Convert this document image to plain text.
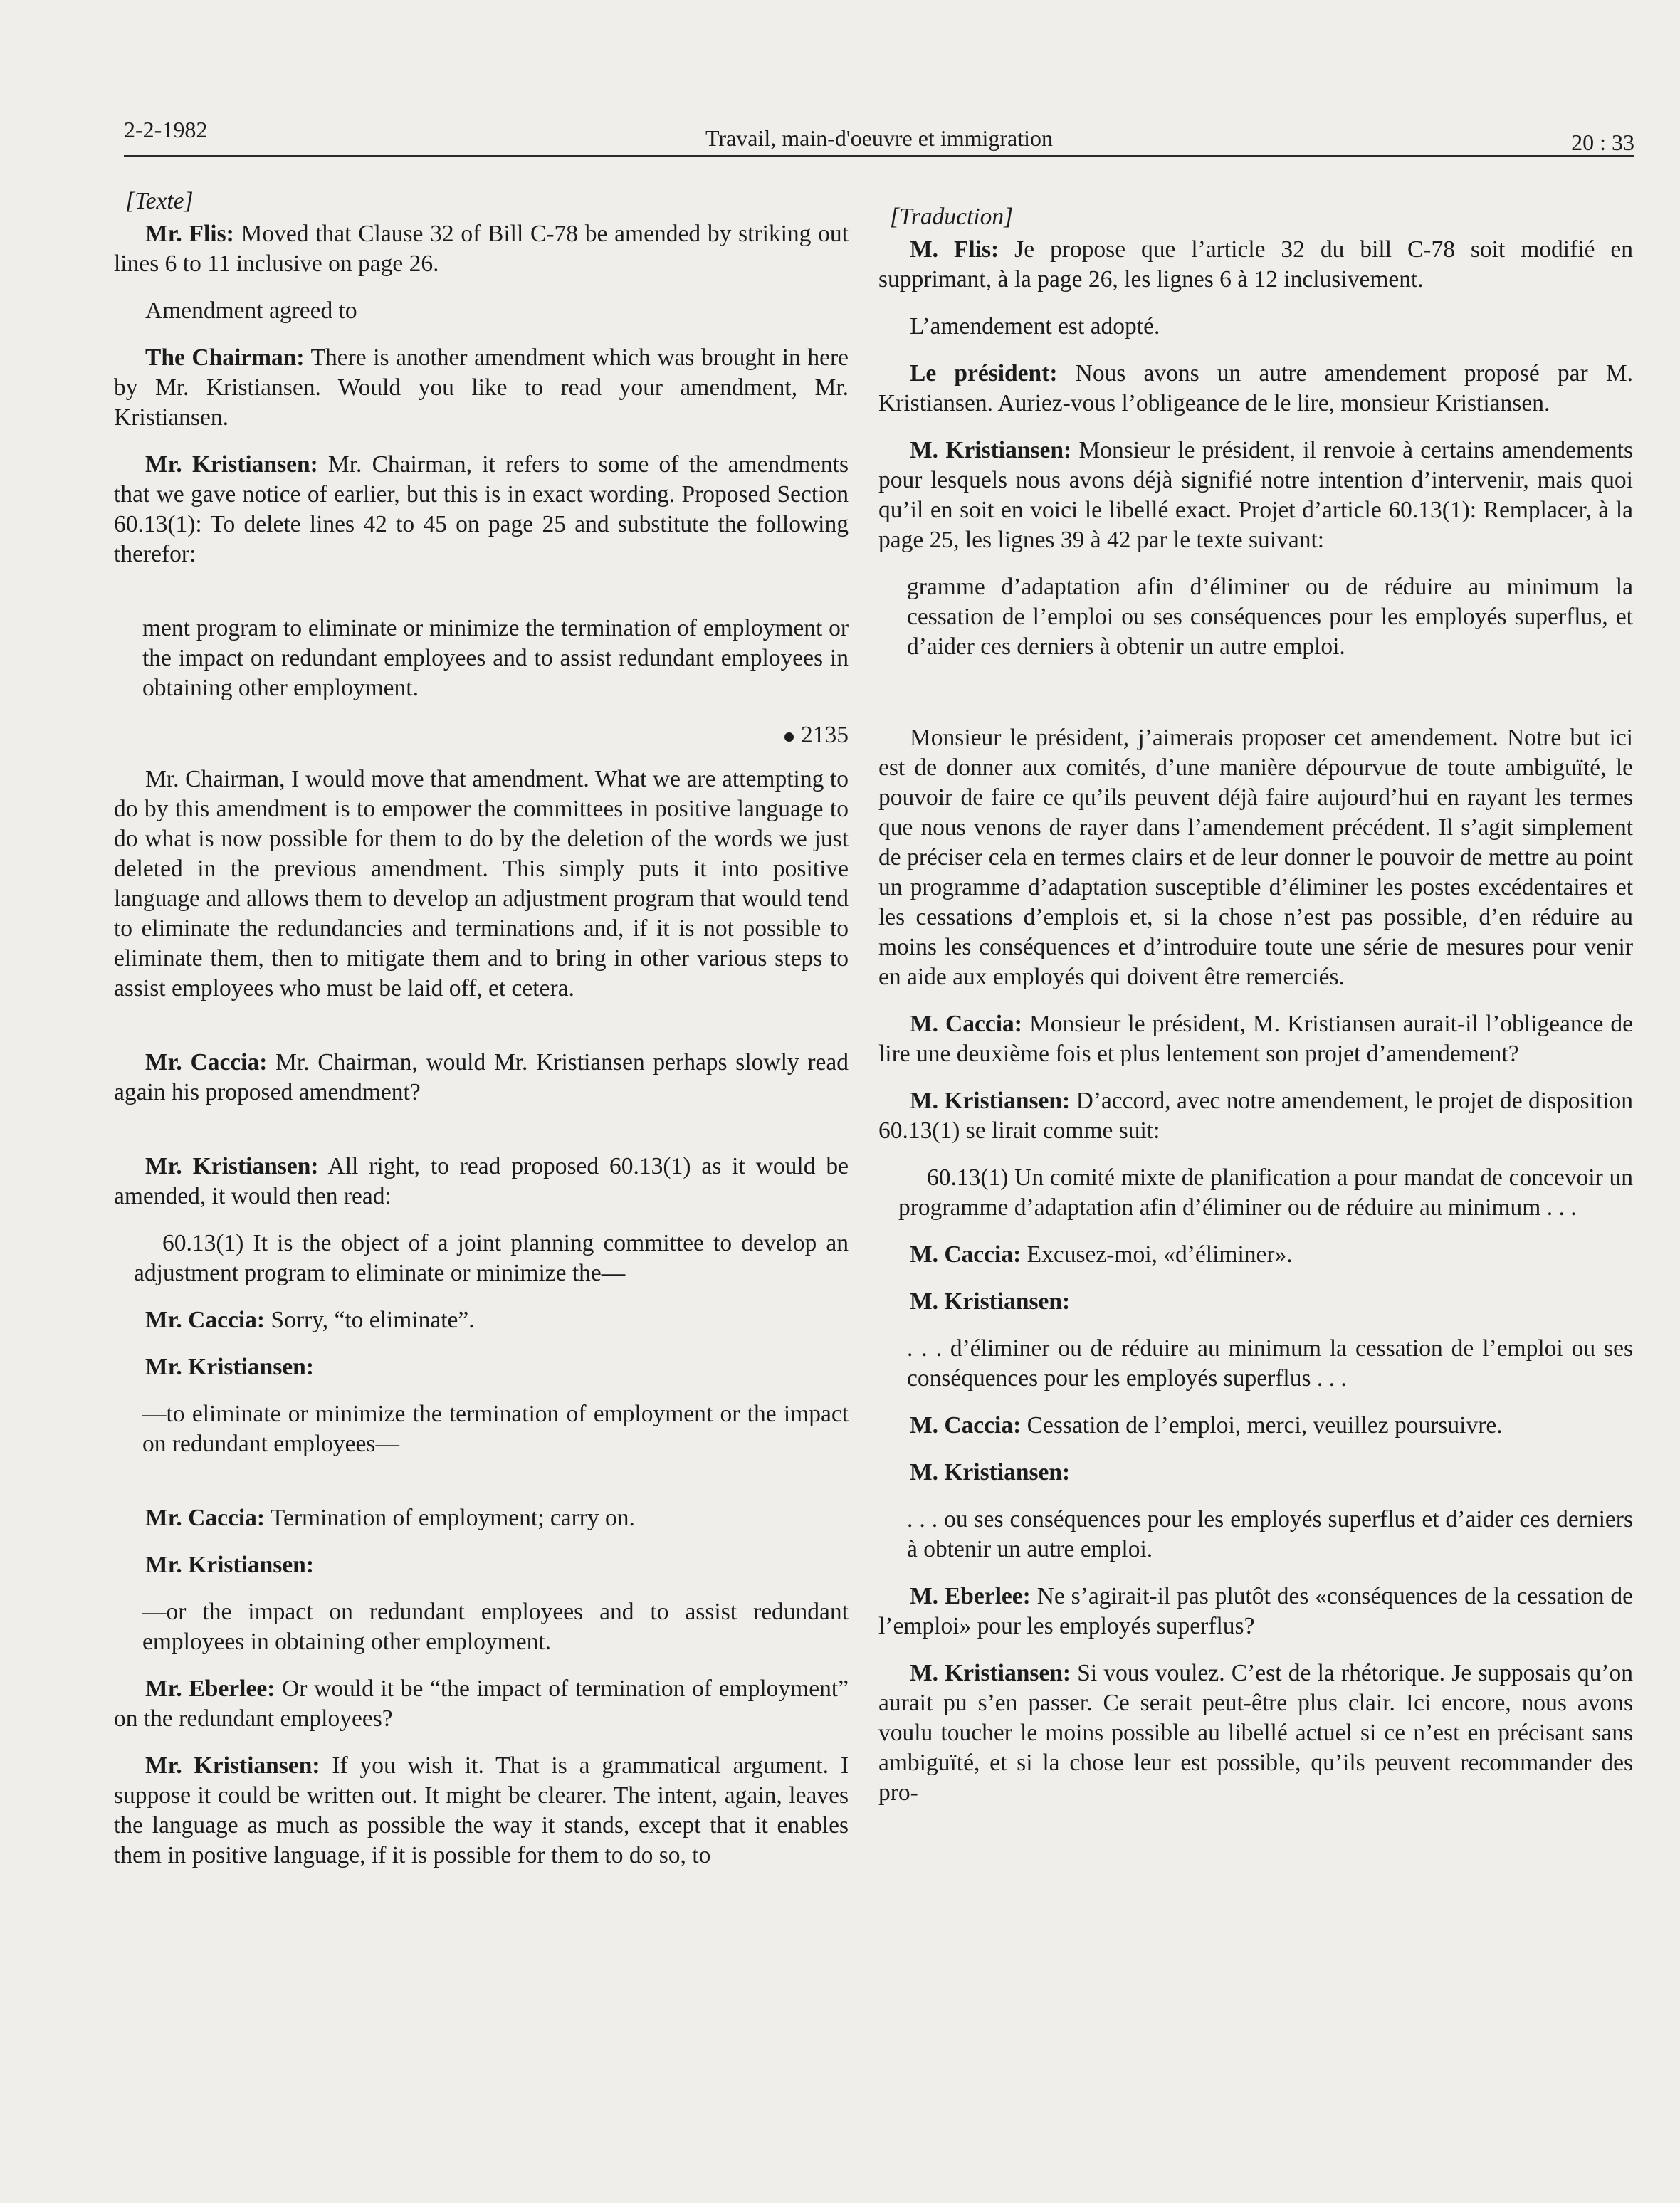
2-2-1982	Travail, main-d'oeuvre et immigration	20 : 33

[Texte]

Mr. Flis: Moved that Clause 32 of Bill C-78 be amended by striking out lines 6 to 11 inclusive on page 26.

Amendment agreed to

The Chairman: There is another amendment which was brought in here by Mr. Kristiansen. Would you like to read your amendment, Mr. Kristiansen.

Mr. Kristiansen: Mr. Chairman, it refers to some of the amendments that we gave notice of earlier, but this is in exact wording. Proposed Section 60.13(1): To delete lines 42 to 45 on page 25 and substitute the following therefor:

ment program to eliminate or minimize the termination of employment or the impact on redundant employees and to assist redundant employees in obtaining other employment.

2135

Mr. Chairman, I would move that amendment. What we are attempting to do by this amendment is to empower the committees in positive language to do what is now possible for them to do by the deletion of the words we just deleted in the previous amendment. This simply puts it into positive language and allows them to develop an adjustment program that would tend to eliminate the redundancies and terminations and, if it is not possible to eliminate them, then to mitigate them and to bring in other various steps to assist employees who must be laid off, et cetera.

Mr. Caccia: Mr. Chairman, would Mr. Kristiansen perhaps slowly read again his proposed amendment?

Mr. Kristiansen: All right, to read proposed 60.13(1) as it would be amended, it would then read:

60.13(1) It is the object of a joint planning committee to develop an adjustment program to eliminate or minimize the—

Mr. Caccia: Sorry, “to eliminate”.

Mr. Kristiansen:

—to eliminate or minimize the termination of employment or the impact on redundant employees—

Mr. Caccia: Termination of employment; carry on.

Mr. Kristiansen:

—or the impact on redundant employees and to assist redundant employees in obtaining other employment.

Mr. Eberlee: Or would it be “the impact of termination of employment” on the redundant employees?

Mr. Kristiansen: If you wish it. That is a grammatical argument. I suppose it could be written out. It might be clearer. The intent, again, leaves the language as much as possible the way it stands, except that it enables them in positive language, if it is possible for them to do so, to

[Traduction]

M. Flis: Je propose que l’article 32 du bill C-78 soit modifié en supprimant, à la page 26, les lignes 6 à 12 inclusivement.

L’amendement est adopté.

Le président: Nous avons un autre amendement proposé par M. Kristiansen. Auriez-vous l’obligeance de le lire, monsieur Kristiansen.

M. Kristiansen: Monsieur le président, il renvoie à certains amendements pour lesquels nous avons déjà signifié notre intention d’intervenir, mais quoi qu’il en soit en voici le libellé exact. Projet d’article 60.13(1): Remplacer, à la page 25, les lignes 39 à 42 par le texte suivant:

gramme d’adaptation afin d’éliminer ou de réduire au minimum la cessation de l’emploi ou ses conséquences pour les employés superflus, et d’aider ces derniers à obtenir un autre emploi.

Monsieur le président, j’aimerais proposer cet amendement. Notre but ici est de donner aux comités, d’une manière dépourvue de toute ambiguïté, le pouvoir de faire ce qu’ils peuvent déjà faire aujourd’hui en rayant les termes que nous venons de rayer dans l’amendement précédent. Il s’agit simplement de préciser cela en termes clairs et de leur donner le pouvoir de mettre au point un programme d’adaptation susceptible d’éliminer les postes excédentaires et les cessations d’emplois et, si la chose n’est pas possible, d’en réduire au moins les conséquences et d’introduire toute une série de mesures pour venir en aide aux employés qui doivent être remerciés.

M. Caccia: Monsieur le président, M. Kristiansen aurait-il l’obligeance de lire une deuxième fois et plus lentement son projet d’amendement?

M. Kristiansen: D’accord, avec notre amendement, le projet de disposition 60.13(1) se lirait comme suit:

60.13(1) Un comité mixte de planification a pour mandat de concevoir un programme d’adaptation afin d’éliminer ou de réduire au minimum . . .

M. Caccia: Excusez-moi, «d’éliminer».

M. Kristiansen:

. . . d’éliminer ou de réduire au minimum la cessation de l’emploi ou ses conséquences pour les employés superflus . . .

M. Caccia: Cessation de l’emploi, merci, veuillez poursuivre.

M. Kristiansen:

. . . ou ses conséquences pour les employés superflus et d’aider ces derniers à obtenir un autre emploi.

M. Eberlee: Ne s’agirait-il pas plutôt des «conséquences de la cessation de l’emploi» pour les employés superflus?

M. Kristiansen: Si vous voulez. C’est de la rhétorique. Je supposais qu’on aurait pu s’en passer. Ce serait peut-être plus clair. Ici encore, nous avons voulu toucher le moins possible au libellé actuel si ce n’est en précisant sans ambiguïté, et si la chose leur est possible, qu’ils peuvent recommander des pro-
